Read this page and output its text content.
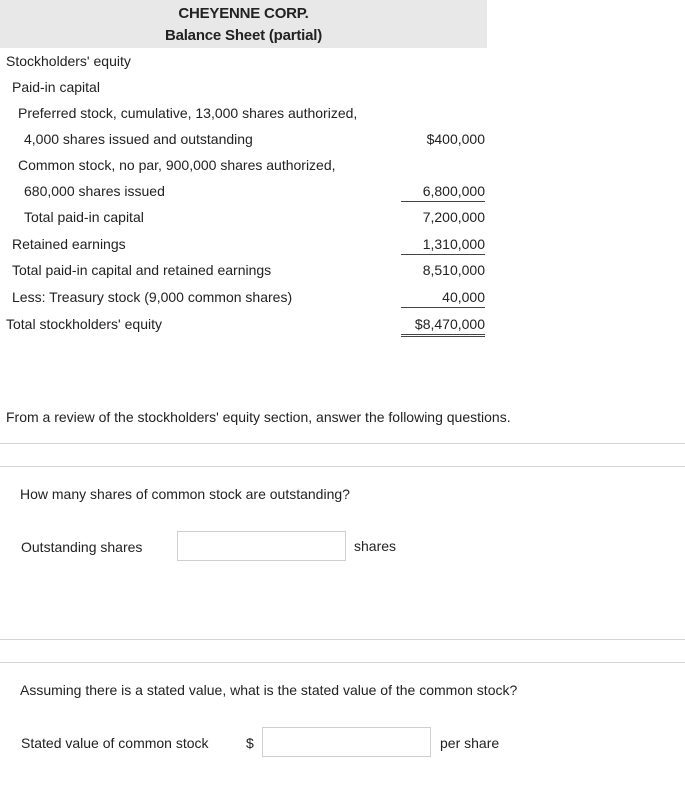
CHEYENNE CORP.
Balance Sheet (partial)
Stockholders' equity
Paid-in capital
Preferred stock, cumulative, 13,000 shares authorized,
4,000 shares issued and outstanding	$400,000
Common stock, no par, 900,000 shares authorized,
680,000 shares issued	6,800,000
Total paid-in capital	7,200,000
Retained earnings	1,310,000
Total paid-in capital and retained earnings	8,510,000
Less: Treasury stock (9,000 common shares)	40,000
Total stockholders' equity	$8,470,000
From a review of the stockholders' equity section, answer the following questions.
How many shares of common stock are outstanding?
Outstanding shares	shares
Assuming there is a stated value, what is the stated value of the common stock?
Stated value of common stock	$	per share
